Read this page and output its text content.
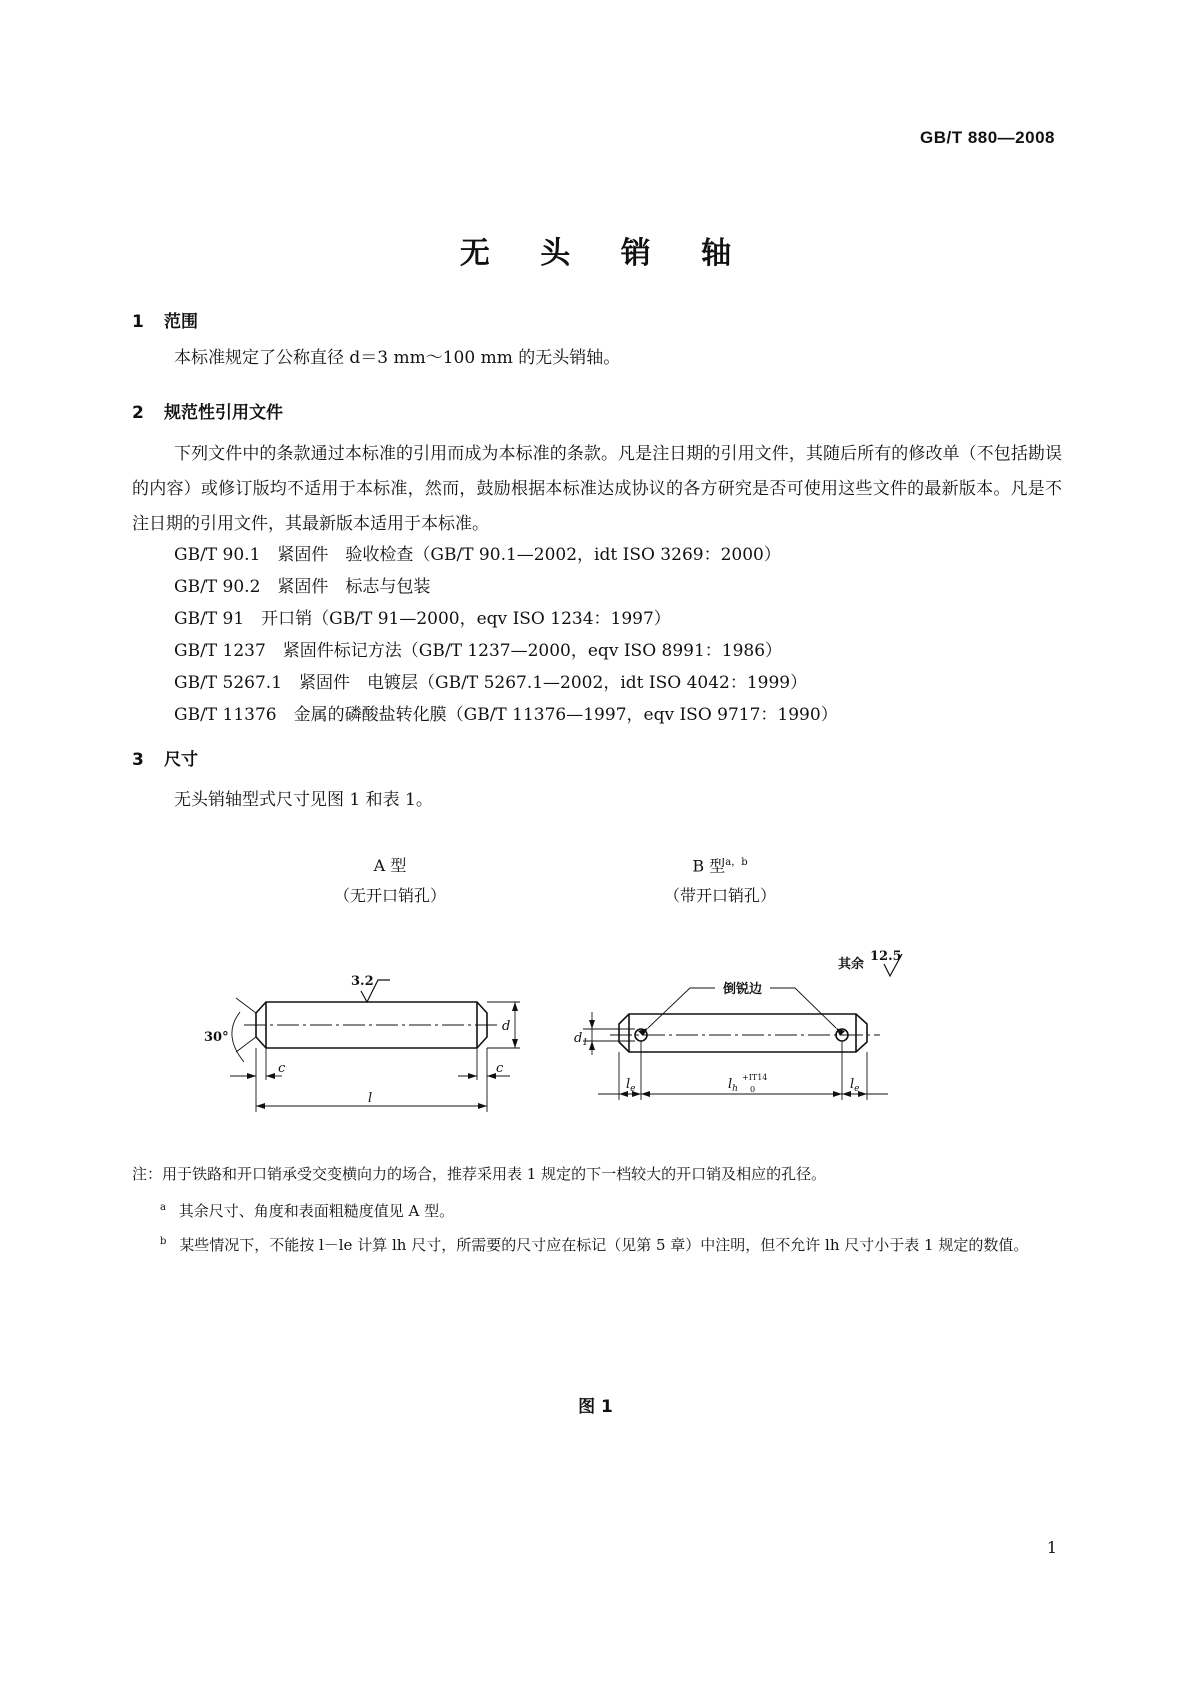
GB/T 880—2008
无 头 销 轴
1 范围
本标准规定了公称直径 d＝3 mm～100 mm 的无头销轴。
2 规范性引用文件
下列文件中的条款通过本标准的引用而成为本标准的条款。凡是注日期的引用文件，其随后所有的修改单（不包括勘误的内容）或修订版均不适用于本标准，然而，鼓励根据本标准达成协议的各方研究是否可使用这些文件的最新版本。凡是不注日期的引用文件，其最新版本适用于本标准。
GB/T 90.1　紧固件　验收检查（GB/T 90.1—2002，idt ISO 3269：2000）
GB/T 90.2　紧固件　标志与包装
GB/T 91　开口销（GB/T 91—2000，eqv ISO 1234：1997）
GB/T 1237　紧固件标记方法（GB/T 1237—2000，eqv ISO 8991：1986）
GB/T 5267.1　紧固件　电镀层（GB/T 5267.1—2002，idt ISO 4042：1999）
GB/T 11376　金属的磷酸盐转化膜（GB/T 11376—1997，eqv ISO 9717：1990）
3 尺寸
无头销轴型式尺寸见图 1 和表 1。
A 型
（无开口销孔）
B 型$^{a,b}$
（带开口销孔）
3.2
30°
c	c
l
d
$d_1$
倒锐边
其余
12.5
$l_e$	$l_e$
$l_h$
+IT14
0
注：用于铁路和开口销承受交变横向力的场合，推荐采用表 1 规定的下一档较大的开口销及相应的孔径。
$^a$ 其余尺寸、角度和表面粗糙度值见 A 型。
$^b$ 某些情况下，不能按 l－le 计算 lh 尺寸，所需要的尺寸应在标记（见第 5 章）中注明，但不允许 lh 尺寸小于表 1 规定的数值。
图 1
1
